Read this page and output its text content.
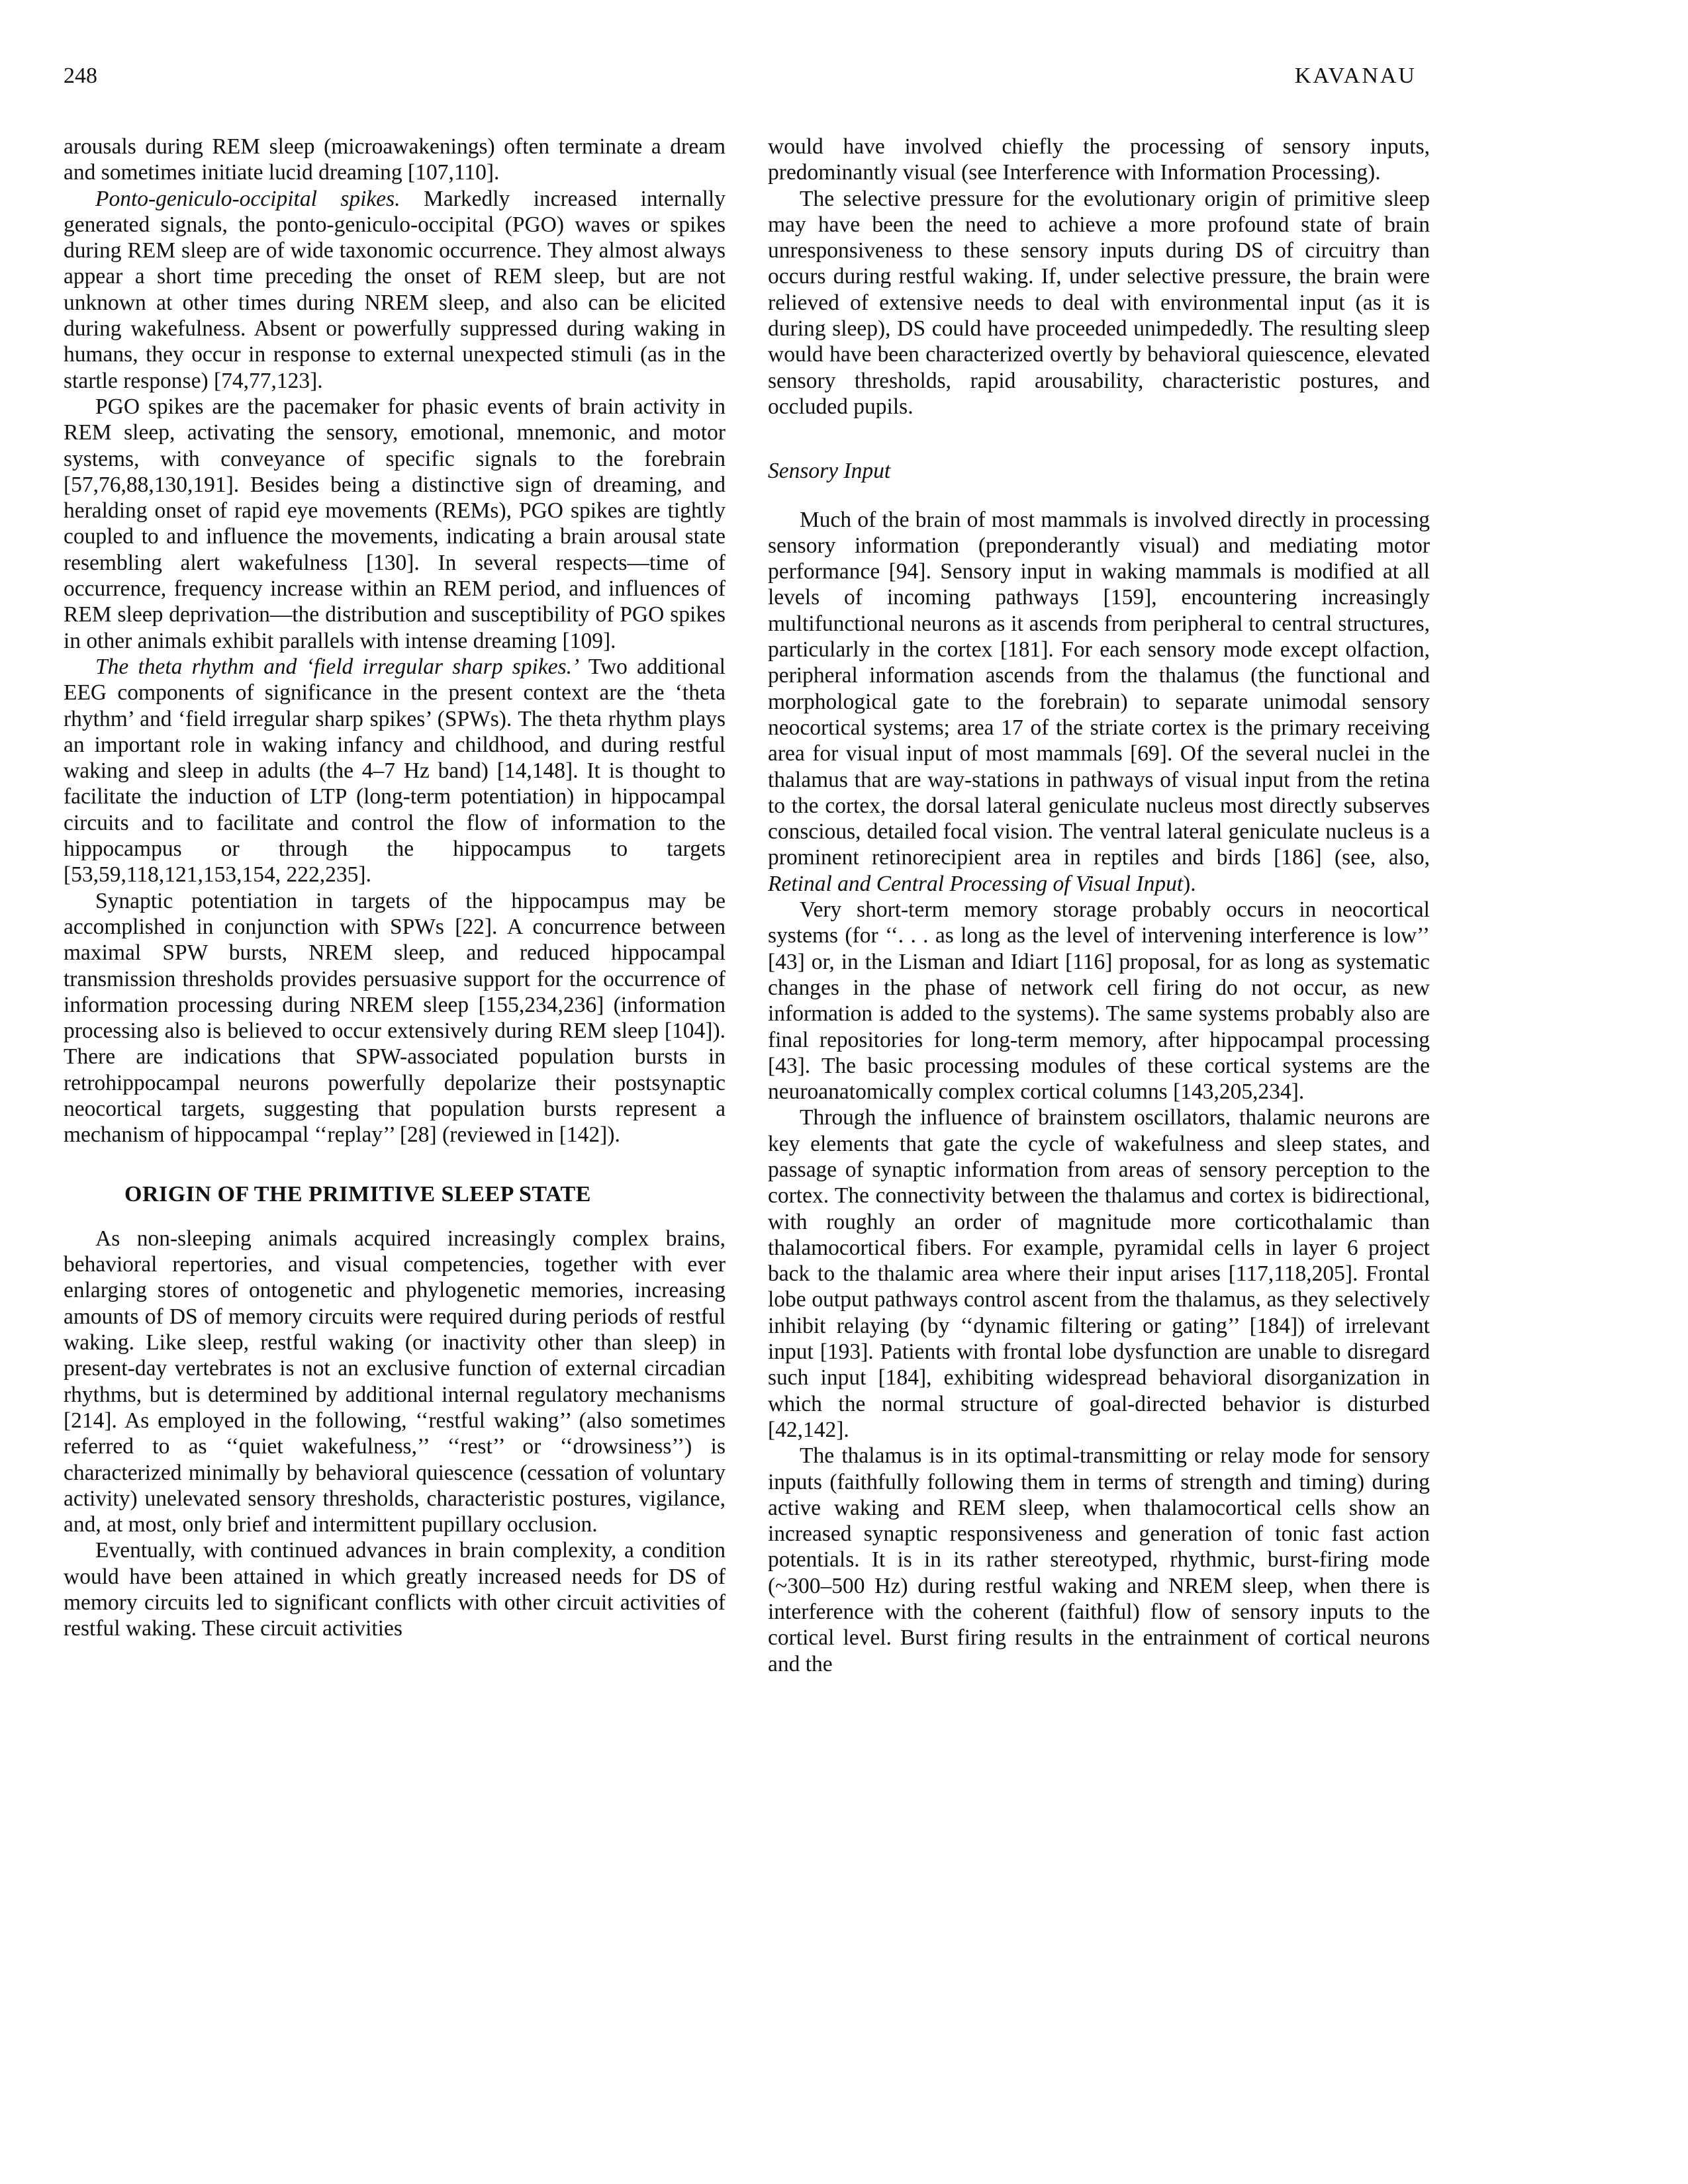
248	KAVANAU

arousals during REM sleep (microawakenings) often terminate a dream and sometimes initiate lucid dreaming [107,110].

Ponto-geniculo-occipital spikes. Markedly increased internally generated signals, the ponto-geniculo-occipital (PGO) waves or spikes during REM sleep are of wide taxonomic occurrence. They almost always appear a short time preceding the onset of REM sleep, but are not unknown at other times during NREM sleep, and also can be elicited during wakefulness. Absent or powerfully suppressed during waking in humans, they occur in response to external unexpected stimuli (as in the startle response) [74,77,123].

PGO spikes are the pacemaker for phasic events of brain activity in REM sleep, activating the sensory, emotional, mnemonic, and motor systems, with conveyance of specific signals to the forebrain [57,76,88,130,191]. Besides being a distinctive sign of dreaming, and heralding onset of rapid eye movements (REMs), PGO spikes are tightly coupled to and influence the movements, indicating a brain arousal state resembling alert wakefulness [130]. In several respects—time of occurrence, frequency increase within an REM period, and influences of REM sleep deprivation—the distribution and susceptibility of PGO spikes in other animals exhibit parallels with intense dreaming [109].

The theta rhythm and ‘field irregular sharp spikes.’ Two additional EEG components of significance in the present context are the ‘theta rhythm’ and ‘field irregular sharp spikes’ (SPWs). The theta rhythm plays an important role in waking infancy and childhood, and during restful waking and sleep in adults (the 4–7 Hz band) [14,148]. It is thought to facilitate the induction of LTP (long-term potentiation) in hippocampal circuits and to facilitate and control the flow of information to the hippocampus or through the hippocampus to targets [53,59,118,121,153,154, 222,235].

Synaptic potentiation in targets of the hippocampus may be accomplished in conjunction with SPWs [22]. A concurrence between maximal SPW bursts, NREM sleep, and reduced hippocampal transmission thresholds provides persuasive support for the occurrence of information processing during NREM sleep [155,234,236] (information processing also is believed to occur extensively during REM sleep [104]). There are indications that SPW-associated population bursts in retrohippocampal neurons powerfully depolarize their postsynaptic neocortical targets, suggesting that population bursts represent a mechanism of hippocampal ‘‘replay’’ [28] (reviewed in [142]).

ORIGIN OF THE PRIMITIVE SLEEP STATE

As non-sleeping animals acquired increasingly complex brains, behavioral repertories, and visual competencies, together with ever enlarging stores of ontogenetic and phylogenetic memories, increasing amounts of DS of memory circuits were required during periods of restful waking. Like sleep, restful waking (or inactivity other than sleep) in present-day vertebrates is not an exclusive function of external circadian rhythms, but is determined by additional internal regulatory mechanisms [214]. As employed in the following, ‘‘restful waking’’ (also sometimes referred to as ‘‘quiet wakefulness,’’ ‘‘rest’’ or ‘‘drowsiness’’) is characterized minimally by behavioral quiescence (cessation of voluntary activity) unelevated sensory thresholds, characteristic postures, vigilance, and, at most, only brief and intermittent pupillary occlusion.

Eventually, with continued advances in brain complexity, a condition would have been attained in which greatly increased needs for DS of memory circuits led to significant conflicts with other circuit activities of restful waking. These circuit activities

would have involved chiefly the processing of sensory inputs, predominantly visual (see Interference with Information Processing).

The selective pressure for the evolutionary origin of primitive sleep may have been the need to achieve a more profound state of brain unresponsiveness to these sensory inputs during DS of circuitry than occurs during restful waking. If, under selective pressure, the brain were relieved of extensive needs to deal with environmental input (as it is during sleep), DS could have proceeded unimpededly. The resulting sleep would have been characterized overtly by behavioral quiescence, elevated sensory thresholds, rapid arousability, characteristic postures, and occluded pupils.

Sensory Input

Much of the brain of most mammals is involved directly in processing sensory information (preponderantly visual) and mediating motor performance [94]. Sensory input in waking mammals is modified at all levels of incoming pathways [159], encountering increasingly multifunctional neurons as it ascends from peripheral to central structures, particularly in the cortex [181]. For each sensory mode except olfaction, peripheral information ascends from the thalamus (the functional and morphological gate to the forebrain) to separate unimodal sensory neocortical systems; area 17 of the striate cortex is the primary receiving area for visual input of most mammals [69]. Of the several nuclei in the thalamus that are way-stations in pathways of visual input from the retina to the cortex, the dorsal lateral geniculate nucleus most directly subserves conscious, detailed focal vision. The ventral lateral geniculate nucleus is a prominent retinorecipient area in reptiles and birds [186] (see, also, Retinal and Central Processing of Visual Input).

Very short-term memory storage probably occurs in neocortical systems (for ‘‘. . . as long as the level of intervening interference is low’’ [43] or, in the Lisman and Idiart [116] proposal, for as long as systematic changes in the phase of network cell firing do not occur, as new information is added to the systems). The same systems probably also are final repositories for long-term memory, after hippocampal processing [43]. The basic processing modules of these cortical systems are the neuroanatomically complex cortical columns [143,205,234].

Through the influence of brainstem oscillators, thalamic neurons are key elements that gate the cycle of wakefulness and sleep states, and passage of synaptic information from areas of sensory perception to the cortex. The connectivity between the thalamus and cortex is bidirectional, with roughly an order of magnitude more corticothalamic than thalamocortical fibers. For example, pyramidal cells in layer 6 project back to the thalamic area where their input arises [117,118,205]. Frontal lobe output pathways control ascent from the thalamus, as they selectively inhibit relaying (by ‘‘dynamic filtering or gating’’ [184]) of irrelevant input [193]. Patients with frontal lobe dysfunction are unable to disregard such input [184], exhibiting widespread behavioral disorganization in which the normal structure of goal-directed behavior is disturbed [42,142].

The thalamus is in its optimal-transmitting or relay mode for sensory inputs (faithfully following them in terms of strength and timing) during active waking and REM sleep, when thalamocortical cells show an increased synaptic responsiveness and generation of tonic fast action potentials. It is in its rather stereotyped, rhythmic, burst-firing mode (~300–500 Hz) during restful waking and NREM sleep, when there is interference with the coherent (faithful) flow of sensory inputs to the cortical level. Burst firing results in the entrainment of cortical neurons and the
